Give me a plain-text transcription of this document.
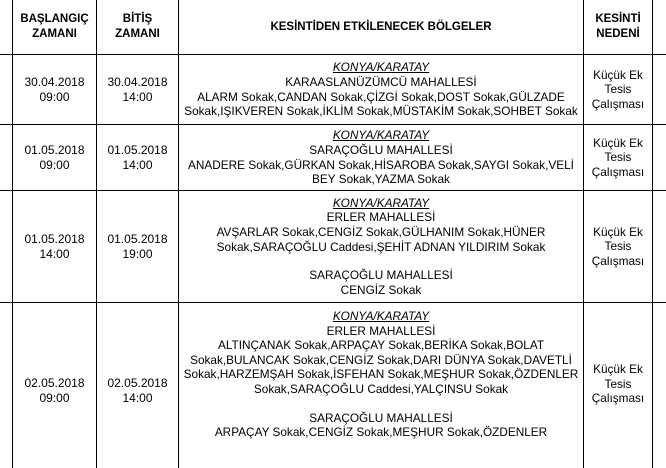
BAŞLANGIÇ
ZAMANI
BİTİŞ
ZAMANI
KESİNTİDEN ETKİLENECEK BÖLGELER
KESİNTİ
NEDENİ
30.04.2018
09:00
30.04.2018
14:00
KONYA/KARATAY
KARAASLANÜZÜMCÜ MAHALLESİ
ALARM Sokak,CANDAN Sokak,ÇİZGİ Sokak,DOST Sokak,GÜLZADE
Sokak,IŞIKVEREN Sokak,İKLİM Sokak,MÜSTAKİM Sokak,SOHBET Sokak
Küçük Ek
Tesis
Çalışması
01.05.2018
09:00
01.05.2018
14:00
KONYA/KARATAY
SARAÇOĞLU MAHALLESİ
ANADERE Sokak,GÜRKAN Sokak,HİSAROBA Sokak,SAYGI Sokak,VELİ
BEY Sokak,YAZMA Sokak
Küçük Ek
Tesis
Çalışması
01.05.2018
14:00
01.05.2018
19:00
KONYA/KARATAY
ERLER MAHALLESİ
AVŞARLAR Sokak,CENGİZ Sokak,GÜLHANIM Sokak,HÜNER
Sokak,SARAÇOĞLU Caddesi,ŞEHİT ADNAN YILDIRIM Sokak
SARAÇOĞLU MAHALLESİ
CENGİZ Sokak
Küçük Ek
Tesis
Çalışması
02.05.2018
09:00
02.05.2018
14:00
KONYA/KARATAY
ERLER MAHALLESİ
ALTINÇANAK Sokak,ARPAÇAY Sokak,BERİKA Sokak,BOLAT
Sokak,BULANCAK Sokak,CENGİZ Sokak,DARI DÜNYA Sokak,DAVETLİ
Sokak,HARZEMŞAH Sokak,İSFEHAN Sokak,MEŞHUR Sokak,ÖZDENLER
Sokak,SARAÇOĞLU Caddesi,YALÇINSU Sokak
SARAÇOĞLU MAHALLESİ
ARPAÇAY Sokak,CENGİZ Sokak,MEŞHUR Sokak,ÖZDENLER
Küçük Ek
Tesis
Çalışması
